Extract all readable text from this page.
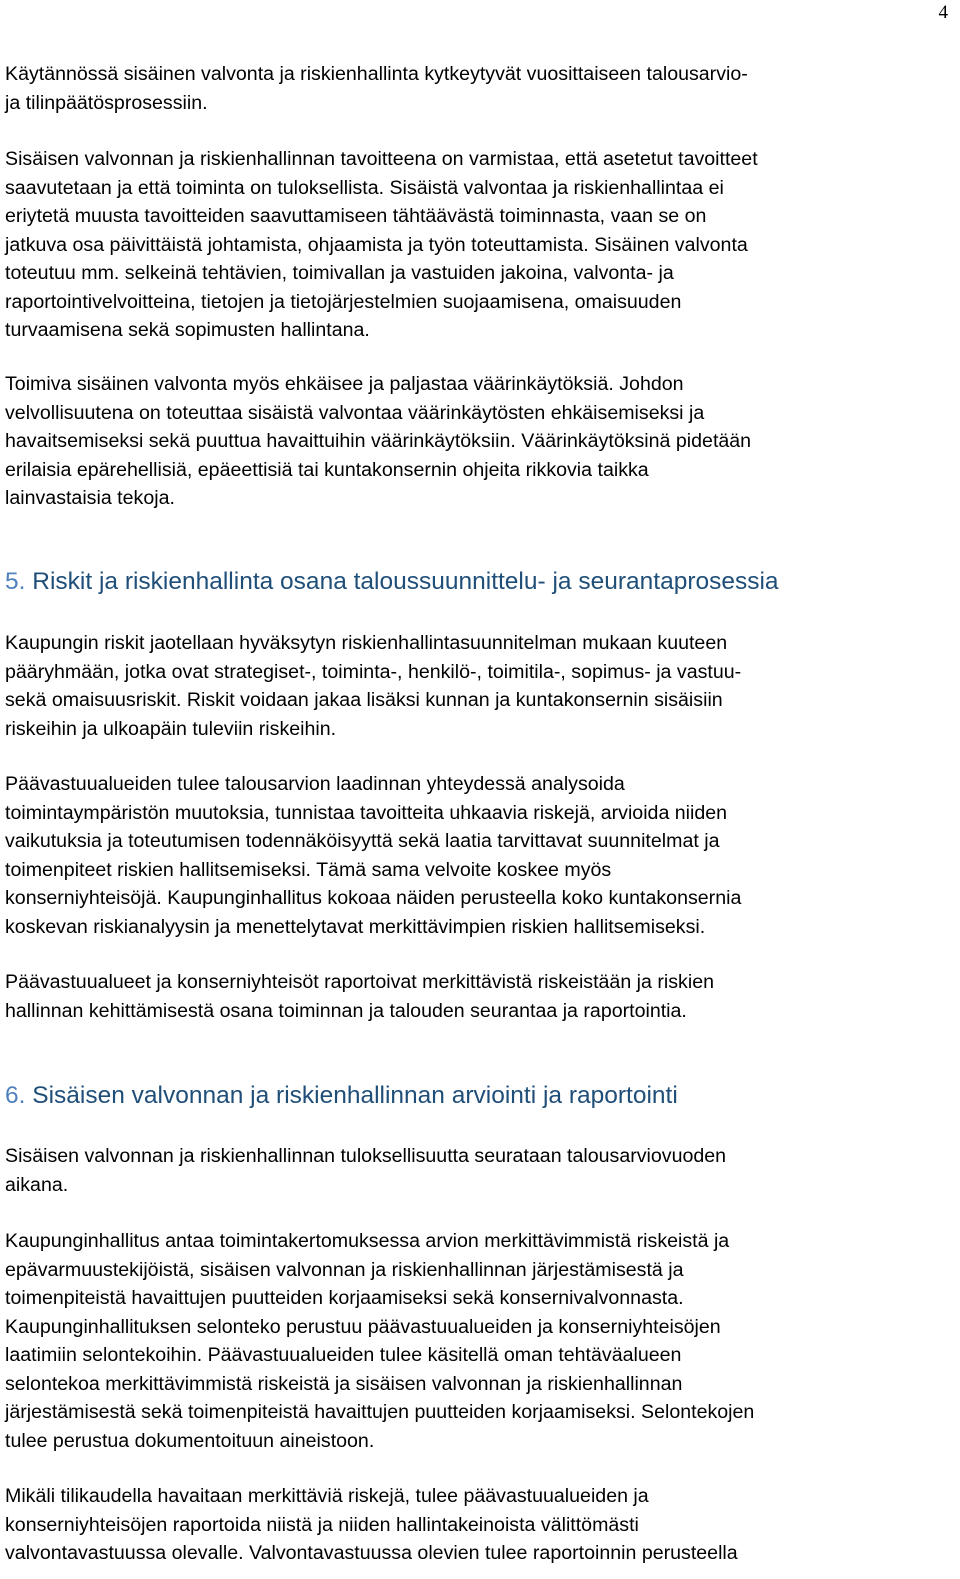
4
Käytännössä sisäinen valvonta ja riskienhallinta kytkeytyvät vuosittaiseen talousarvio-
ja tilinpäätösprosessiin.
Sisäisen valvonnan ja riskienhallinnan tavoitteena on varmistaa, että asetetut tavoitteet
saavutetaan ja että toiminta on tuloksellista. Sisäistä valvontaa ja riskienhallintaa ei
eriytetä muusta tavoitteiden saavuttamiseen tähtäävästä toiminnasta, vaan se on
jatkuva osa päivittäistä johtamista, ohjaamista ja työn toteuttamista. Sisäinen valvonta
toteutuu mm. selkeinä tehtävien, toimivallan ja vastuiden jakoina, valvonta- ja
raportointivelvoitteina, tietojen ja tietojärjestelmien suojaamisena, omaisuuden
turvaamisena sekä sopimusten hallintana.
Toimiva sisäinen valvonta myös ehkäisee ja paljastaa väärinkäytöksiä. Johdon
velvollisuutena on toteuttaa sisäistä valvontaa väärinkäytösten ehkäisemiseksi ja
havaitsemiseksi sekä puuttua havaittuihin väärinkäytöksiin. Väärinkäytöksinä pidetään
erilaisia epärehellisiä, epäeettisiä tai kuntakonsernin ohjeita rikkovia taikka
lainvastaisia tekoja.
5. Riskit ja riskienhallinta osana taloussuunnittelu- ja seurantaprosessia
Kaupungin riskit jaotellaan hyväksytyn riskienhallintasuunnitelman mukaan kuuteen
pääryhmään, jotka ovat strategiset-, toiminta-, henkilö-, toimitila-, sopimus- ja vastuu-
sekä omaisuusriskit. Riskit voidaan jakaa lisäksi kunnan ja kuntakonsernin sisäisiin
riskeihin ja ulkoapäin tuleviin riskeihin.
Päävastuualueiden tulee talousarvion laadinnan yhteydessä analysoida
toimintaympäristön muutoksia, tunnistaa tavoitteita uhkaavia riskejä, arvioida niiden
vaikutuksia ja toteutumisen todennäköisyyttä sekä laatia tarvittavat suunnitelmat ja
toimenpiteet riskien hallitsemiseksi. Tämä sama velvoite koskee myös
konserniyhteisöjä. Kaupunginhallitus kokoaa näiden perusteella koko kuntakonsernia
koskevan riskianalyysin ja menettelytavat merkittävimpien riskien hallitsemiseksi.
Päävastuualueet ja konserniyhteisöt raportoivat merkittävistä riskeistään ja riskien
hallinnan kehittämisestä osana toiminnan ja talouden seurantaa ja raportointia.
6. Sisäisen valvonnan ja riskienhallinnan arviointi ja raportointi
Sisäisen valvonnan ja riskienhallinnan tuloksellisuutta seurataan talousarviovuoden
aikana.
Kaupunginhallitus antaa toimintakertomuksessa arvion merkittävimmistä riskeistä ja
epävarmuustekijöistä, sisäisen valvonnan ja riskienhallinnan järjestämisestä ja
toimenpiteistä havaittujen puutteiden korjaamiseksi sekä konsernivalvonnasta.
Kaupunginhallituksen selonteko perustuu päävastuualueiden ja konserniyhteisöjen
laatimiin selontekoihin. Päävastuualueiden tulee käsitellä oman tehtäväalueen
selontekoa merkittävimmistä riskeistä ja sisäisen valvonnan ja riskienhallinnan
järjestämisestä sekä toimenpiteistä havaittujen puutteiden korjaamiseksi. Selontekojen
tulee perustua dokumentoituun aineistoon.
Mikäli tilikaudella havaitaan merkittäviä riskejä, tulee päävastuualueiden ja
konserniyhteisöjen raportoida niistä ja niiden hallintakeinoista välittömästi
valvontavastuussa olevalle. Valvontavastuussa olevien tulee raportoinnin perusteella
